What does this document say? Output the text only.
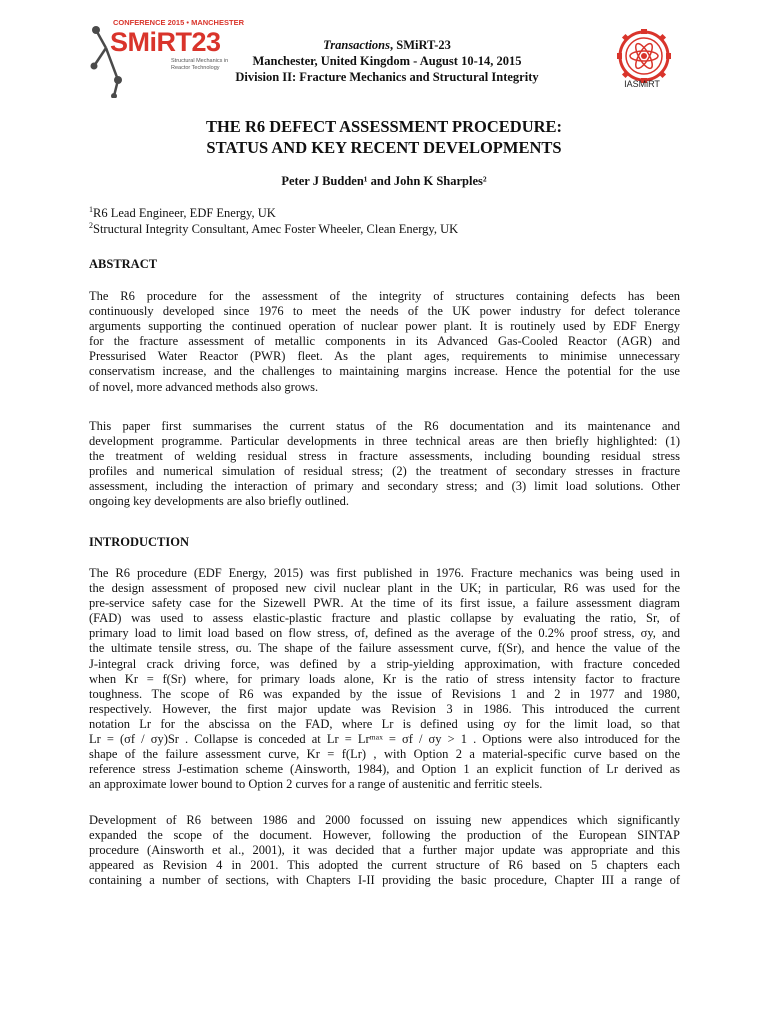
CONFERENCE 2015 • MANCHESTER
SMiRT23
Structural Mechanics in Reactor Technology
Transactions, SMiRT-23
Manchester, United Kingdom - August 10-14, 2015
Division II: Fracture Mechanics and Structural Integrity	IASMiRT
THE R6 DEFECT ASSESSMENT PROCEDURE:
STATUS AND KEY RECENT DEVELOPMENTS
Peter J Budden¹ and John K Sharples²
$^1$R6 Lead Engineer, EDF Energy, UK
$^2$Structural Integrity Consultant, Amec Foster Wheeler, Clean Energy, UK
ABSTRACT
The R6 procedure for the assessment of the integrity of structures containing defects has been
continuously developed since 1976 to meet the needs of the UK power industry for defect tolerance
arguments supporting the continued operation of nuclear power plant. It is routinely used by EDF Energy
for the fracture assessment of metallic components in its Advanced Gas-Cooled Reactor (AGR) and
Pressurised Water Reactor (PWR) fleet. As the plant ages, requirements to minimise unnecessary
conservatism increase, and the challenges to maintaining margins increase. Hence the potential for the use
of novel, more advanced methods also grows.
This paper first summarises the current status of the R6 documentation and its maintenance and
development programme. Particular developments in three technical areas are then briefly highlighted: (1)
the treatment of welding residual stress in fracture assessments, including bounding residual stress
profiles and numerical simulation of residual stress; (2) the treatment of secondary stresses in fracture
assessment, including the interaction of primary and secondary stress; and (3) limit load solutions. Other
ongoing key developments are also briefly outlined.
INTRODUCTION
The R6 procedure (EDF Energy, 2015) was first published in 1976. Fracture mechanics was being used in
the design assessment of proposed new civil nuclear plant in the UK; in particular, R6 was used for the
pre-service safety case for the Sizewell PWR. At the time of its first issue, a failure assessment diagram
(FAD) was used to assess elastic-plastic fracture and plastic collapse by evaluating the ratio, Sr, of
primary load to limit load based on flow stress, σf, defined as the average of the 0.2% proof stress, σy, and
the ultimate tensile stress, σu. The shape of the failure assessment curve, f(Sr), and hence the value of the
J-integral crack driving force, was defined by a strip-yielding approximation, with fracture conceded
when Kr = f(Sr) where, for primary loads alone, Kr is the ratio of stress intensity factor to fracture
toughness. The scope of R6 was expanded by the issue of Revisions 1 and 2 in 1977 and 1980,
respectively. However, the first major update was Revision 3 in 1986. This introduced the current
notation Lr for the abscissa on the FAD, where Lr is defined using σy for the limit load, so that
Lr = (σf / σy)Sr . Collapse is conceded at Lr = Lrᵐᵃˣ = σf / σy > 1 . Options were also introduced for the
shape of the failure assessment curve, Kr = f(Lr) , with Option 2 a material-specific curve based on the
reference stress J-estimation scheme (Ainsworth, 1984), and Option 1 an explicit function of Lr derived as
an approximate lower bound to Option 2 curves for a range of austenitic and ferritic steels.
Development of R6 between 1986 and 2000 focussed on issuing new appendices which significantly
expanded the scope of the document. However, following the production of the European SINTAP
procedure (Ainsworth et al., 2001), it was decided that a further major update was appropriate and this
appeared as Revision 4 in 2001. This adopted the current structure of R6 based on 5 chapters each
containing a number of sections, with Chapters I-II providing the basic procedure, Chapter III a range of
